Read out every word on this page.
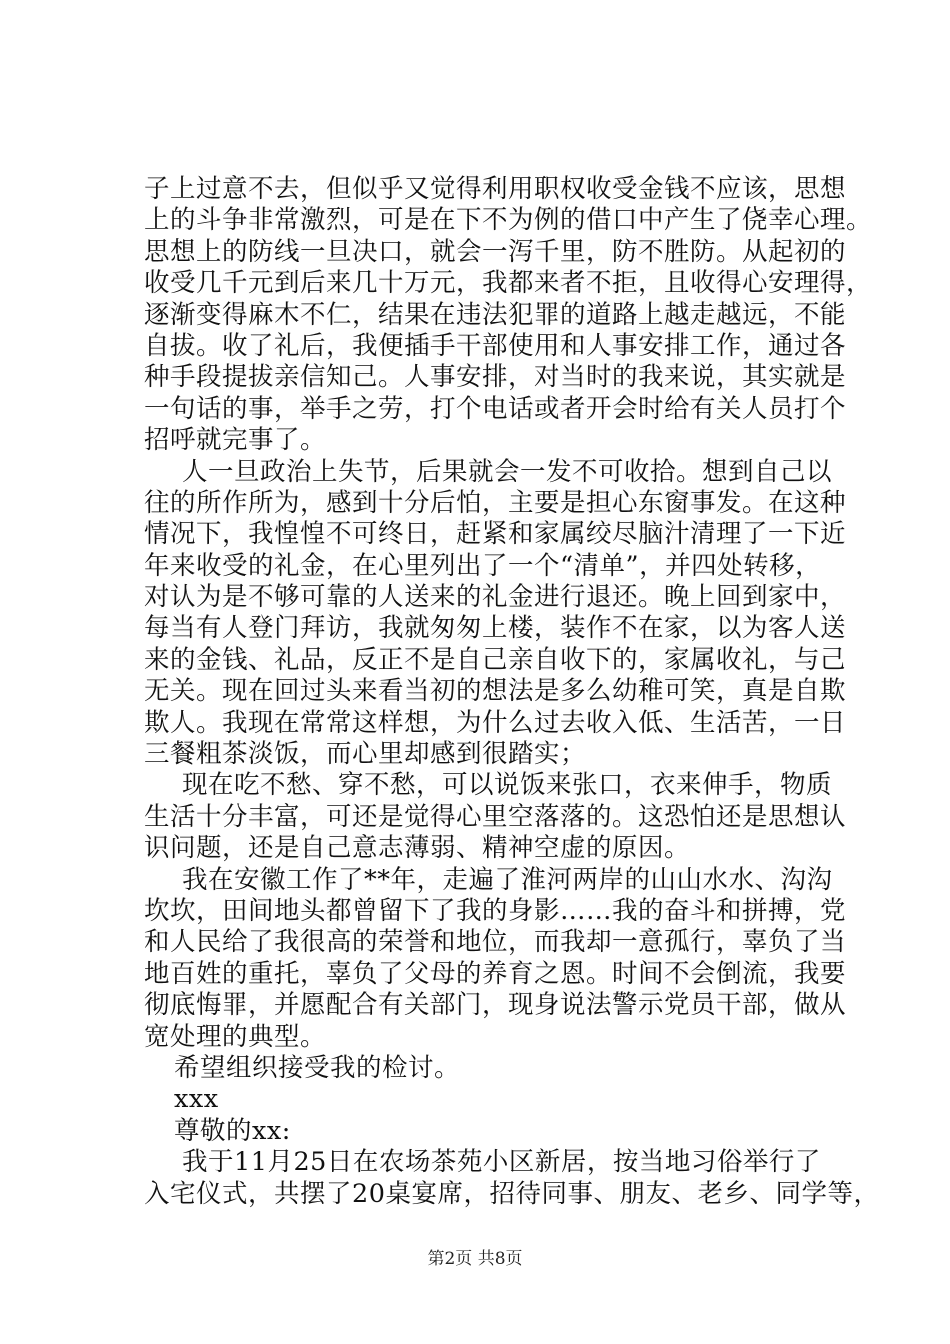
子上过意不去，但似乎又觉得利用职权收受金钱不应该，思想
上的斗争非常激烈，可是在下不为例的借口中产生了侥幸心理。
思想上的防线一旦决口，就会一泻千里，防不胜防。从起初的
收受几千元到后来几十万元，我都来者不拒，且收得心安理得，
逐渐变得麻木不仁，结果在违法犯罪的道路上越走越远，不能
自拔。收了礼后，我便插手干部使用和人事安排工作，通过各
种手段提拔亲信知己。人事安排，对当时的我来说，其实就是
一句话的事，举手之劳，打个电话或者开会时给有关人员打个
招呼就完事了。
人一旦政治上失节，后果就会一发不可收拾。想到自己以
往的所作所为，感到十分后怕，主要是担心东窗事发。在这种
情况下，我惶惶不可终日，赶紧和家属绞尽脑汁清理了一下近
年来收受的礼金，在心里列出了一个“清单”，并四处转移，
对认为是不够可靠的人送来的礼金进行退还。晚上回到家中，
每当有人登门拜访，我就匆匆上楼，装作不在家，以为客人送
来的金钱、礼品，反正不是自己亲自收下的，家属收礼，与己
无关。现在回过头来看当初的想法是多么幼稚可笑，真是自欺
欺人。我现在常常这样想，为什么过去收入低、生活苦，一日
三餐粗茶淡饭，而心里却感到很踏实；
现在吃不愁、穿不愁，可以说饭来张口，衣来伸手，物质
生活十分丰富，可还是觉得心里空落落的。这恐怕还是思想认
识问题，还是自己意志薄弱、精神空虚的原因。
我在安徽工作了**年，走遍了淮河两岸的山山水水、沟沟
坎坎，田间地头都曾留下了我的身影……我的奋斗和拼搏，党
和人民给了我很高的荣誉和地位，而我却一意孤行，辜负了当
地百姓的重托，辜负了父母的养育之恩。时间不会倒流，我要
彻底悔罪，并愿配合有关部门，现身说法警示党员干部，做从
宽处理的典型。
希望组织接受我的检讨。
xxx
尊敬的xx:
我于11月25日在农场茶苑小区新居，按当地习俗举行了
入宅仪式，共摆了20桌宴席，招待同事、朋友、老乡、同学等，
第2页 共8页
